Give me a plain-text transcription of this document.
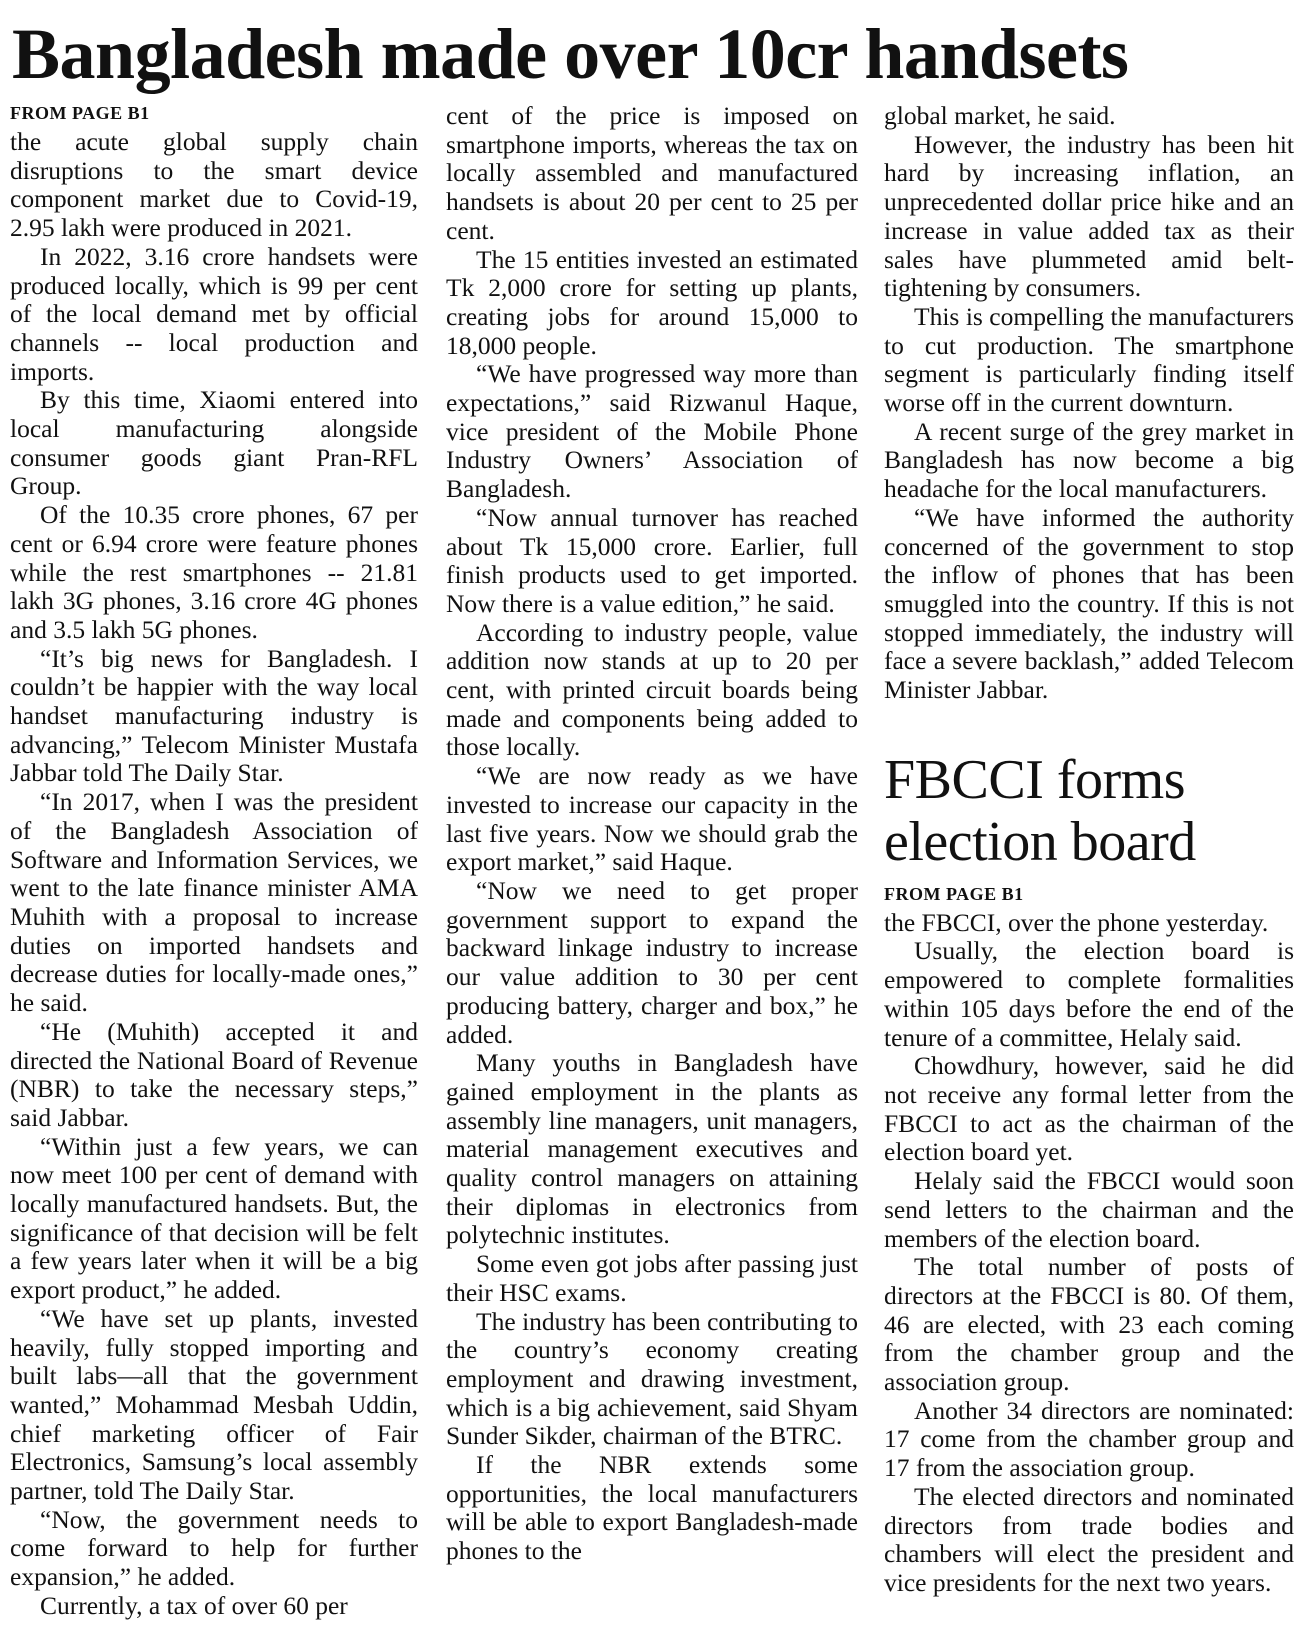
Bangladesh made over 10cr handsets
FROM PAGE B1

the acute global supply chain disruptions to the smart device component market due to Covid-19, 2.95 lakh were produced in 2021.

In 2022, 3.16 crore handsets were produced locally, which is 99 per cent of the local demand met by official channels -- local production and imports.

By this time, Xiaomi entered into local manufacturing alongside consumer goods giant Pran-RFL Group.

Of the 10.35 crore phones, 67 per cent or 6.94 crore were feature phones while the rest smartphones -- 21.81 lakh 3G phones, 3.16 crore 4G phones and 3.5 lakh 5G phones.

“It’s big news for Bangladesh. I couldn’t be happier with the way local handset manufacturing industry is advancing,” Telecom Minister Mustafa Jabbar told The Daily Star.

“In 2017, when I was the president of the Bangladesh Association of Software and Information Services, we went to the late finance minister AMA Muhith with a proposal to increase duties on imported handsets and decrease duties for locally-made ones,” he said.

“He (Muhith) accepted it and directed the National Board of Revenue (NBR) to take the necessary steps,” said Jabbar.

“Within just a few years, we can now meet 100 per cent of demand with locally manufactured handsets. But, the significance of that decision will be felt a few years later when it will be a big export product,” he added.

“We have set up plants, invested heavily, fully stopped importing and built labs—all that the government wanted,” Mohammad Mesbah Uddin, chief marketing officer of Fair Electronics, Samsung’s local assembly partner, told The Daily Star.

“Now, the government needs to come forward to help for further expansion,” he added.

Currently, a tax of over 60 per

cent of the price is imposed on smartphone imports, whereas the tax on locally assembled and manufactured handsets is about 20 per cent to 25 per cent.

The 15 entities invested an estimated Tk 2,000 crore for setting up plants, creating jobs for around 15,000 to 18,000 people.

“We have progressed way more than expectations,” said Rizwanul Haque, vice president of the Mobile Phone Industry Owners’ Association of Bangladesh.

“Now annual turnover has reached about Tk 15,000 crore. Earlier, full finish products used to get imported. Now there is a value edition,” he said.

According to industry people, value addition now stands at up to 20 per cent, with printed circuit boards being made and components being added to those locally.

“We are now ready as we have invested to increase our capacity in the last five years. Now we should grab the export market,” said Haque.

“Now we need to get proper government support to expand the backward linkage industry to increase our value addition to 30 per cent producing battery, charger and box,” he added.

Many youths in Bangladesh have gained employment in the plants as assembly line managers, unit managers, material management executives and quality control managers on attaining their diplomas in electronics from polytechnic institutes.

Some even got jobs after passing just their HSC exams.

The industry has been contributing to the country’s economy creating employment and drawing investment, which is a big achievement, said Shyam Sunder Sikder, chairman of the BTRC.

If the NBR extends some opportunities, the local manufacturers will be able to export Bangladesh-made phones to the

global market, he said.

However, the industry has been hit hard by increasing inflation, an unprecedented dollar price hike and an increase in value added tax as their sales have plummeted amid belt-tightening by consumers.

This is compelling the manufacturers to cut production. The smartphone segment is particularly finding itself worse off in the current downturn.

A recent surge of the grey market in Bangladesh has now become a big headache for the local manufacturers.

“We have informed the authority concerned of the government to stop the inflow of phones that has been smuggled into the country. If this is not stopped immediately, the industry will face a severe backlash,” added Telecom Minister Jabbar.

FBCCI forms election board
FROM PAGE B1

the FBCCI, over the phone yesterday.

Usually, the election board is empowered to complete formalities within 105 days before the end of the tenure of a committee, Helaly said.

Chowdhury, however, said he did not receive any formal letter from the FBCCI to act as the chairman of the election board yet.

Helaly said the FBCCI would soon send letters to the chairman and the members of the election board.

The total number of posts of directors at the FBCCI is 80. Of them, 46 are elected, with 23 each coming from the chamber group and the association group.

Another 34 directors are nominated: 17 come from the chamber group and 17 from the association group.

The elected directors and nominated directors from trade bodies and chambers will elect the president and vice presidents for the next two years.
